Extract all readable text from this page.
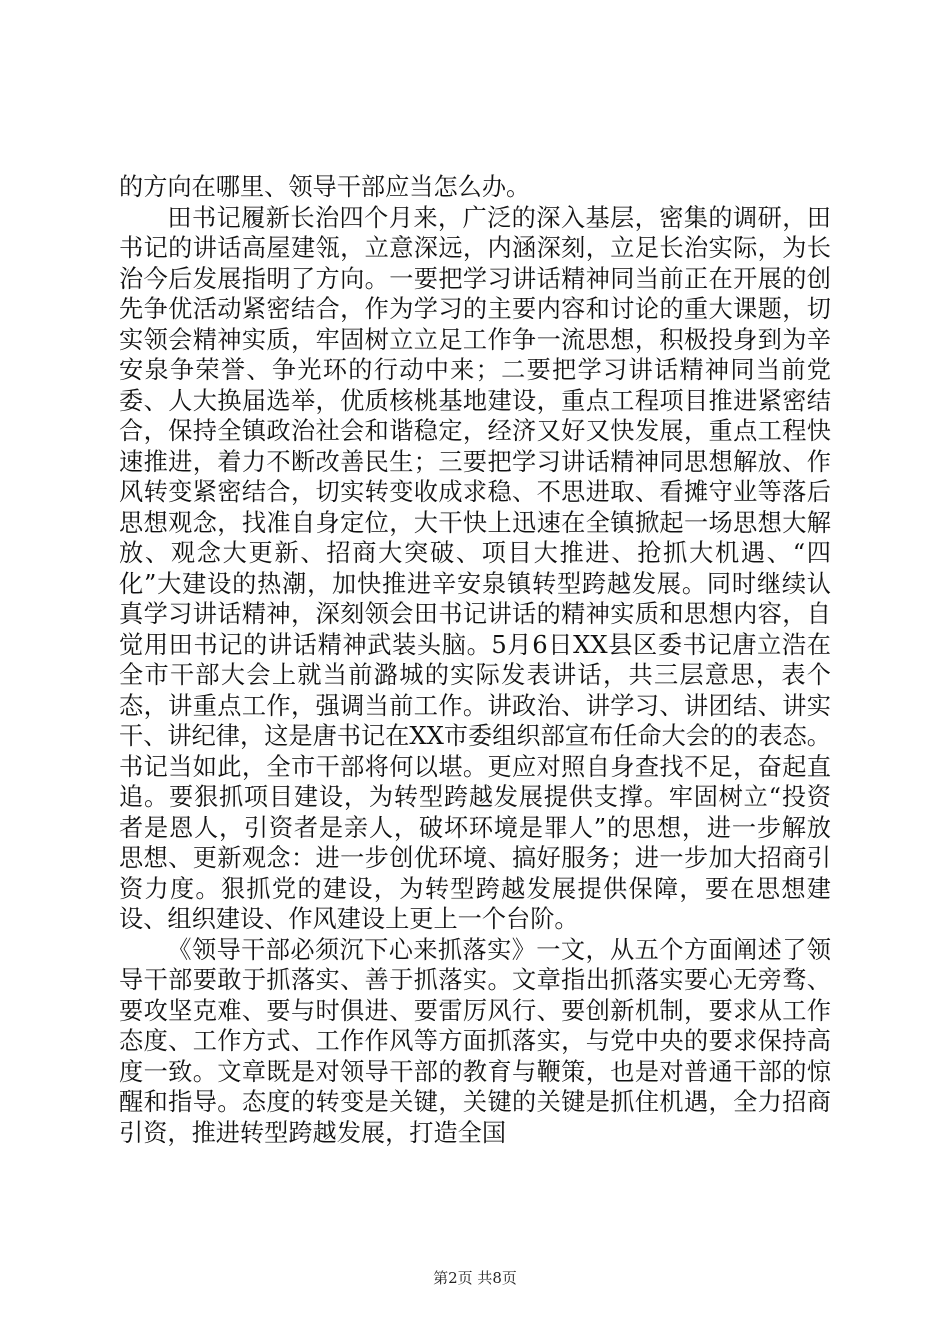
的方向在哪里、领导干部应当怎么办。

田书记履新长治四个月来，广泛的深入基层，密集的调研，田书记的讲话高屋建瓴，立意深远，内涵深刻，立足长治实际，为长治今后发展指明了方向。一要把学习讲话精神同当前正在开展的创先争优活动紧密结合，作为学习的主要内容和讨论的重大课题，切实领会精神实质，牢固树立立足工作争一流思想，积极投身到为辛安泉争荣誉、争光环的行动中来；二要把学习讲话精神同当前党委、人大换届选举，优质核桃基地建设，重点工程项目推进紧密结合，保持全镇政治社会和谐稳定，经济又好又快发展，重点工程快速推进，着力不断改善民生；三要把学习讲话精神同思想解放、作风转变紧密结合，切实转变收成求稳、不思进取、看摊守业等落后思想观念，找准自身定位，大干快上迅速在全镇掀起一场思想大解放、观念大更新、招商大突破、项目大推进、抢抓大机遇、“四化”大建设的热潮，加快推进辛安泉镇转型跨越发展。同时继续认真学习讲话精神，深刻领会田书记讲话的精神实质和思想内容，自觉用田书记的讲话精神武装头脑。5月6日XX县区委书记唐立浩在全市干部大会上就当前潞城的实际发表讲话，共三层意思，表个态，讲重点工作，强调当前工作。讲政治、讲学习、讲团结、讲实干、讲纪律，这是唐书记在XX市委组织部宣布任命大会的的表态。书记当如此，全市干部将何以堪。更应对照自身查找不足，奋起直追。要狠抓项目建设，为转型跨越发展提供支撑。牢固树立“投资者是恩人，引资者是亲人，破坏环境是罪人”的思想，进一步解放思想、更新观念：进一步创优环境、搞好服务；进一步加大招商引资力度。狠抓党的建设，为转型跨越发展提供保障，要在思想建设、组织建设、作风建设上更上一个台阶。

《领导干部必须沉下心来抓落实》一文，从五个方面阐述了领导干部要敢于抓落实、善于抓落实。文章指出抓落实要心无旁骛、要攻坚克难、要与时俱进、要雷厉风行、要创新机制，要求从工作态度、工作方式、工作作风等方面抓落实，与党中央的要求保持高度一致。文章既是对领导干部的教育与鞭策，也是对普通干部的惊醒和指导。态度的转变是关键，关键的关键是抓住机遇，全力招商引资，推进转型跨越发展，打造全国

第2页 共8页
